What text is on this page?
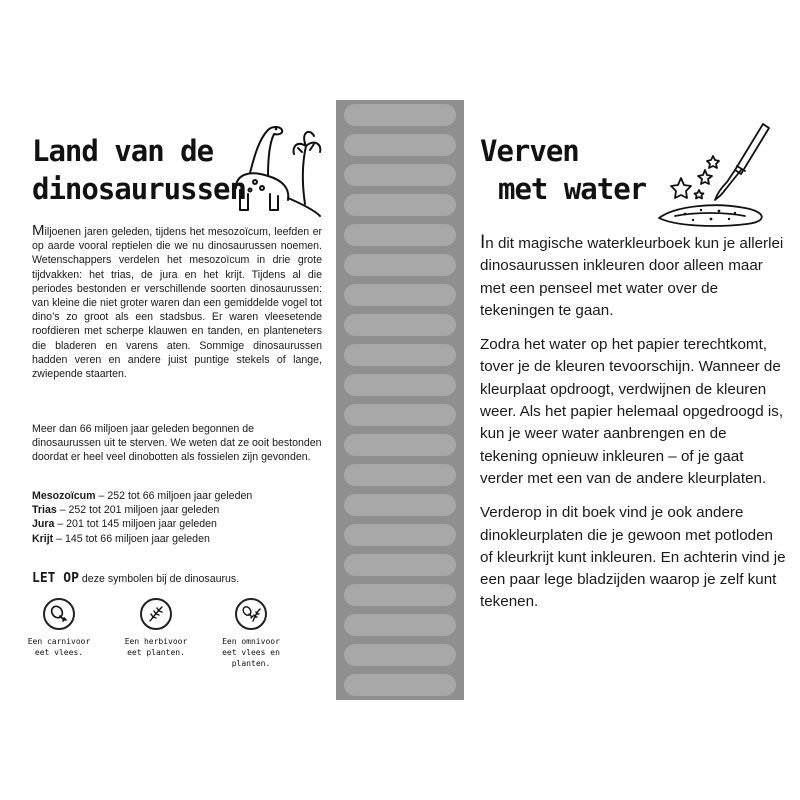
Land van de
dinosaurussen

Miljoenen jaren geleden, tijdens het mesozoïcum, leefden er op aarde vooral reptielen die we nu dinosaurussen noemen. Wetenschappers verdelen het mesozoïcum in drie grote tijdvakken: het trias, de jura en het krijt. Tijdens al die periodes bestonden er verschillende soorten dinosaurussen: van kleine die niet groter waren dan een gemiddelde vogel tot dino’s zo groot als een stadsbus. Er waren vleesetende roofdieren met scherpe klauwen en tanden, en planteneters die bladeren en varens aten. Sommige dinosaurussen hadden veren en andere juist puntige stekels of lange, zwiepende staarten.

Meer dan 66 miljoen jaar geleden begonnen de dinosaurussen uit te sterven. We weten dat ze ooit bestonden doordat er heel veel dinobotten als fossielen zijn gevonden.

Mesozoïcum – 252 tot 66 miljoen jaar geleden
Trias – 252 tot 201 miljoen jaar geleden
Jura – 201 tot 145 miljoen jaar geleden
Krijt – 145 tot 66 miljoen jaar geleden
LET OP deze symbolen bij de dinosaurus.
Een carnivoor
eet vlees.
Een herbivoor
eet planten.
Een omnivoor
eet vlees en planten.
Verven
met water

In dit magische waterkleurboek kun je allerlei dinosaurussen inkleuren door alleen maar met een penseel met water over de tekeningen te gaan.

Zodra het water op het papier terechtkomt, tover je de kleuren tevoorschijn. Wanneer de kleurplaat opdroogt, verdwijnen de kleuren weer. Als het papier helemaal opgedroogd is, kun je weer water aanbrengen en de tekening opnieuw inkleuren – of je gaat verder met een van de andere kleurplaten.

Verderop in dit boek vind je ook andere dinokleurplaten die je gewoon met potloden of kleurkrijt kunt inkleuren. En achterin vind je een paar lege bladzijden waarop je zelf kunt tekenen.
